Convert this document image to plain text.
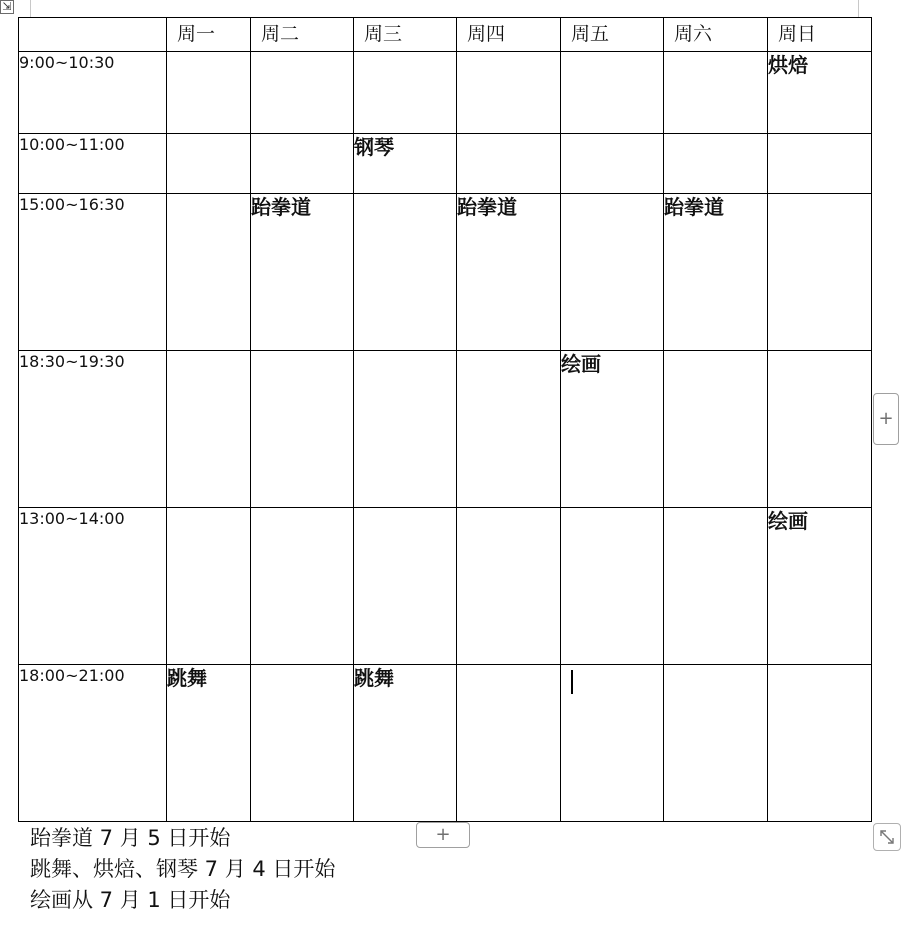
⇲
	周一	周二	周三	周四	周五	周六	周日
9:00~10:30							烘焙
10:00~11:00			钢琴				
15:00~16:30		跆拳道		跆拳道		跆拳道	
18:30~19:30					绘画		
13:00~14:00							绘画
18:00~21:00	跳舞		跳舞		

+
+
跆拳道 7 月 5 日开始
跳舞、烘焙、钢琴 7 月 4 日开始
绘画从 7 月 1 日开始
